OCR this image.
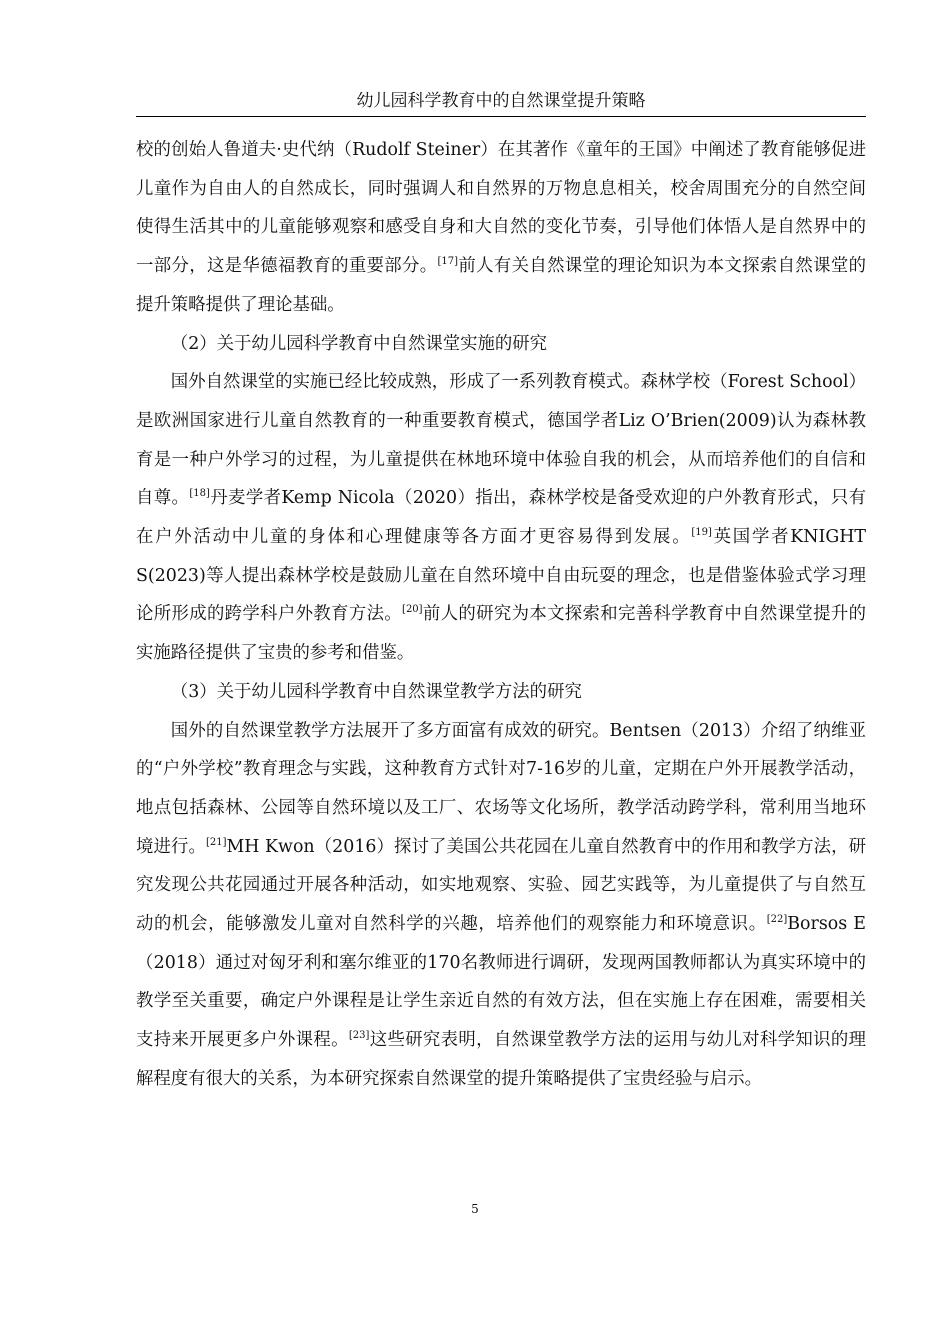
幼儿园科学教育中的自然课堂提升策略

校的创始人鲁道夫·史代纳（Rudolf Steiner）在其著作《童年的王国》中阐述了教育能够促进儿童作为自由人的自然成长，同时强调人和自然界的万物息息相关，校舍周围充分的自然空间使得生活其中的儿童能够观察和感受自身和大自然的变化节奏，引导他们体悟人是自然界中的一部分，这是华德福教育的重要部分。[17]前人有关自然课堂的理论知识为本文探索自然课堂的提升策略提供了理论基础。

（2）关于幼儿园科学教育中自然课堂实施的研究

国外自然课堂的实施已经比较成熟，形成了一系列教育模式。森林学校（Forest School）是欧洲国家进行儿童自然教育的一种重要教育模式，德国学者Liz O’Brien(2009)认为森林教育是一种户外学习的过程，为儿童提供在林地环境中体验自我的机会，从而培养他们的自信和自尊。[18]丹麦学者Kemp Nicola（2020）指出，森林学校是备受欢迎的户外教育形式，只有在户外活动中儿童的身体和心理健康等各方面才更容易得到发展。[19]英国学者KNIGHT S(2023)等人提出森林学校是鼓励儿童在自然环境中自由玩耍的理念，也是借鉴体验式学习理论所形成的跨学科户外教育方法。[20]前人的研究为本文探索和完善科学教育中自然课堂提升的实施路径提供了宝贵的参考和借鉴。

（3）关于幼儿园科学教育中自然课堂教学方法的研究

国外的自然课堂教学方法展开了多方面富有成效的研究。Bentsen（2013）介绍了纳维亚的“户外学校”教育理念与实践，这种教育方式针对7-16岁的儿童，定期在户外开展教学活动，地点包括森林、公园等自然环境以及工厂、农场等文化场所，教学活动跨学科，常利用当地环境进行。[21]MH Kwon（2016）探讨了美国公共花园在儿童自然教育中的作用和教学方法，研究发现公共花园通过开展各种活动，如实地观察、实验、园艺实践等，为儿童提供了与自然互动的机会，能够激发儿童对自然科学的兴趣，培养他们的观察能力和环境意识。[22]Borsos E（2018）通过对匈牙利和塞尔维亚的170名教师进行调研，发现两国教师都认为真实环境中的教学至关重要，确定户外课程是让学生亲近自然的有效方法，但在实施上存在困难，需要相关支持来开展更多户外课程。[23]这些研究表明，自然课堂教学方法的运用与幼儿对科学知识的理解程度有很大的关系，为本研究探索自然课堂的提升策略提供了宝贵经验与启示。

5
